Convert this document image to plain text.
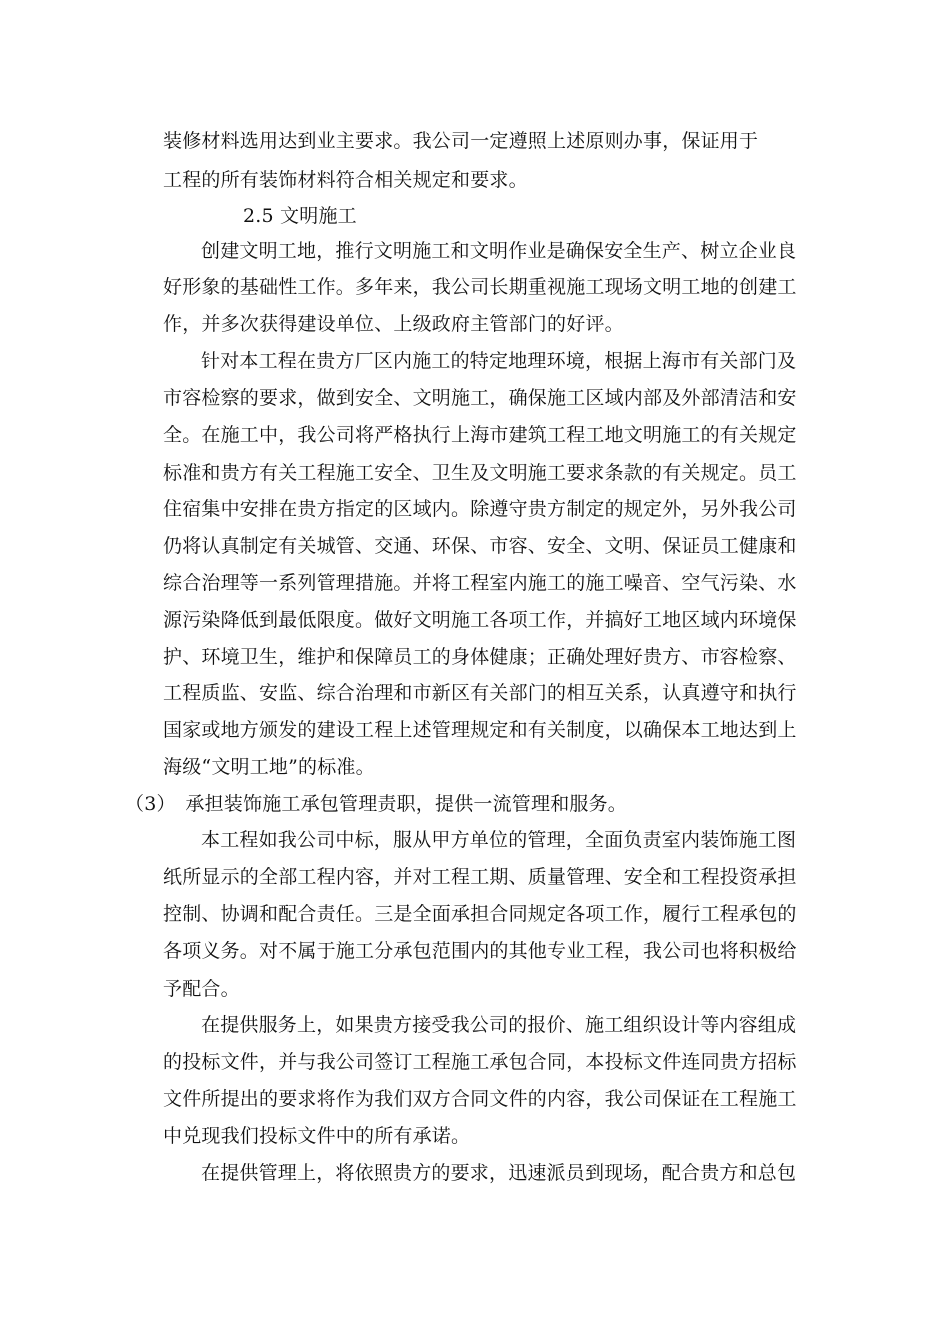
装修材料选用达到业主要求。我公司一定遵照上述原则办事，保证用于
工程的所有装饰材料符合相关规定和要求。
2.5 文明施工
创建文明工地，推行文明施工和文明作业是确保安全生产、树立企业良
好形象的基础性工作。多年来，我公司长期重视施工现场文明工地的创建工
作，并多次获得建设单位、上级政府主管部门的好评。
针对本工程在贵方厂区内施工的特定地理环境，根据上海市有关部门及
市容检察的要求，做到安全、文明施工，确保施工区域内部及外部清洁和安
全。在施工中，我公司将严格执行上海市建筑工程工地文明施工的有关规定
标准和贵方有关工程施工安全、卫生及文明施工要求条款的有关规定。员工
住宿集中安排在贵方指定的区域内。除遵守贵方制定的规定外，另外我公司
仍将认真制定有关城管、交通、环保、市容、安全、文明、保证员工健康和
综合治理等一系列管理措施。并将工程室内施工的施工噪音、空气污染、水
源污染降低到最低限度。做好文明施工各项工作，并搞好工地区域内环境保
护、环境卫生，维护和保障员工的身体健康；正确处理好贵方、市容检察、
工程质监、安监、综合治理和市新区有关部门的相互关系，认真遵守和执行
国家或地方颁发的建设工程上述管理规定和有关制度，以确保本工地达到上
海级“文明工地”的标准。
（3）　承担装饰施工承包管理责职，提供一流管理和服务。
本工程如我公司中标，服从甲方单位的管理，全面负责室内装饰施工图
纸所显示的全部工程内容，并对工程工期、质量管理、安全和工程投资承担
控制、协调和配合责任。三是全面承担合同规定各项工作，履行工程承包的
各项义务。对不属于施工分承包范围内的其他专业工程，我公司也将积极给
予配合。
在提供服务上，如果贵方接受我公司的报价、施工组织设计等内容组成
的投标文件，并与我公司签订工程施工承包合同，本投标文件连同贵方招标
文件所提出的要求将作为我们双方合同文件的内容，我公司保证在工程施工
中兑现我们投标文件中的所有承诺。
在提供管理上，将依照贵方的要求，迅速派员到现场，配合贵方和总包
